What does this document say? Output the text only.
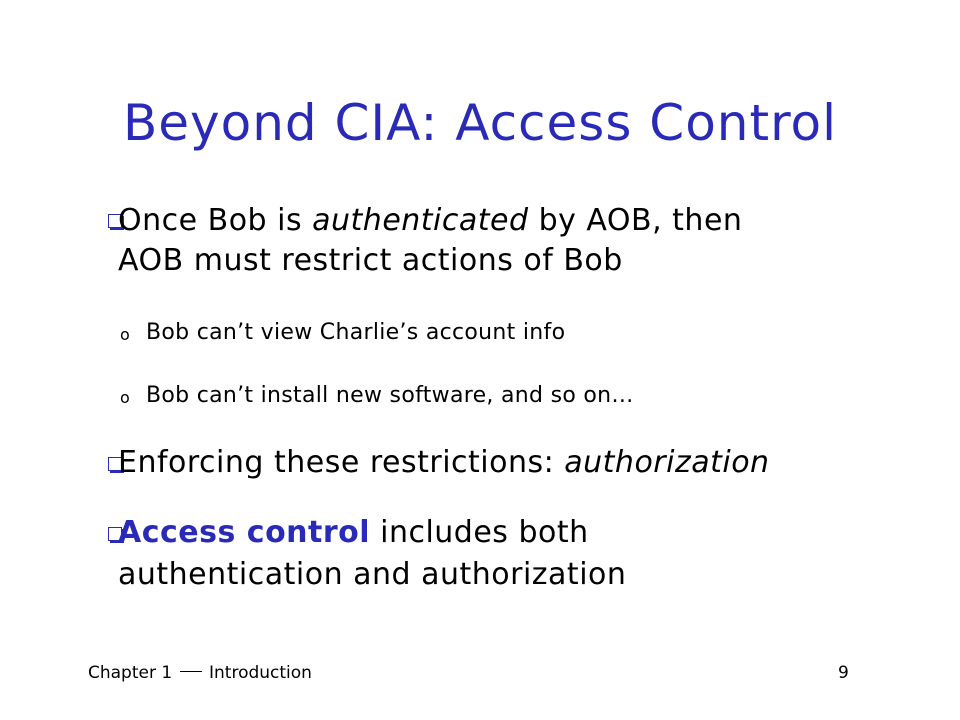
Beyond CIA: Access Control
Once Bob is authenticated by AOB, then
AOB must restrict actions of Bob
o Bob can’t view Charlie’s account info
o Bob can’t install new software, and so on…
Enforcing these restrictions: authorization
Access control includes both
authentication and authorization
Chapter 1 Introduction	9
